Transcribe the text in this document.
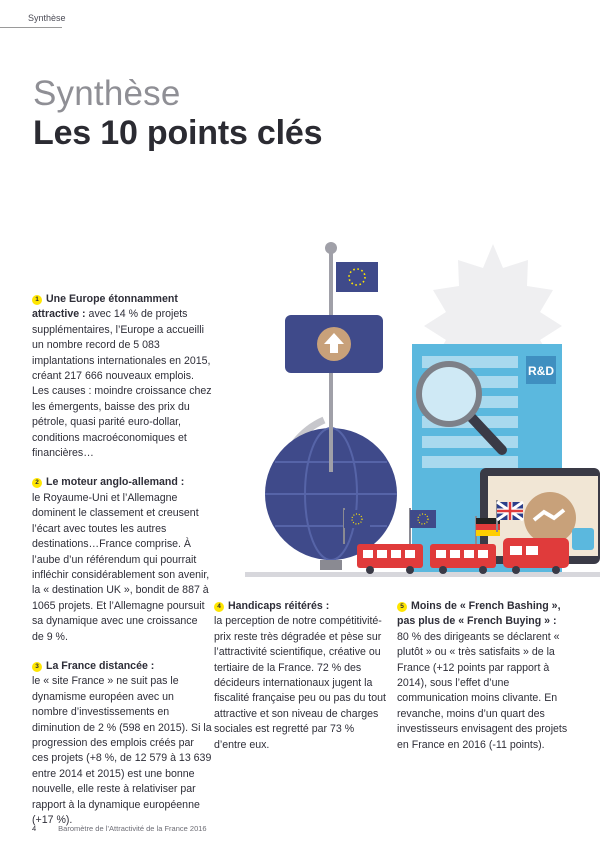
Synthèse
Synthèse
Les 10 points clés

1 Une Europe étonnamment attractive : avec 14 % de projets supplémentaires, l’Europe a accueilli un nombre record de 5 083 implantations internationales en 2015, créant 217 666 nouveaux emplois. Les causes : moindre croissance chez les émergents, baisse des prix du pétrole, quasi parité euro-dollar, conditions macroéconomiques et financières…

2 Le moteur anglo-allemand :
le Royaume-Uni et l’Allemagne dominent le classement et creusent l’écart avec toutes les autres destinations…France comprise. À l’aube d’un référendum qui pourrait infléchir considérablement son avenir, la « destination UK », bondit de 887 à 1065 projets. Et l’Allemagne poursuit sa dynamique avec une croissance de 9 %.

3 La France distancée :
le « site France » ne suit pas le dynamisme européen avec un nombre d’investissements en diminution de 2 % (598 en 2015). Si la progression des emplois créés par ces projets (+8 %, de 12 579 à 13 639 entre 2014 et 2015) est une bonne nouvelle, elle reste à relativiser par rapport à la dynamique européenne (+17 %).

4 Handicaps réitérés :
la perception de notre compétitivité-prix reste très dégradée et pèse sur l’attractivité scientifique, créative ou tertiaire de la France. 72 % des décideurs internationaux jugent la fiscalité française peu ou pas du tout attractive et son niveau de charges sociales est regretté par 73 % d’entre eux.

5 Moins de « French Bashing », pas plus de « French Buying » :
80 % des dirigeants se déclarent « plutôt » ou « très satisfaits » de la France (+12 points par rapport à 2014), sous l’effet d’une communication moins clivante. En revanche, moins d’un quart des investisseurs envisagent des projets en France en 2016 (-11 points).

R&D
4	Baromètre de l’Attractivité de la France 2016
